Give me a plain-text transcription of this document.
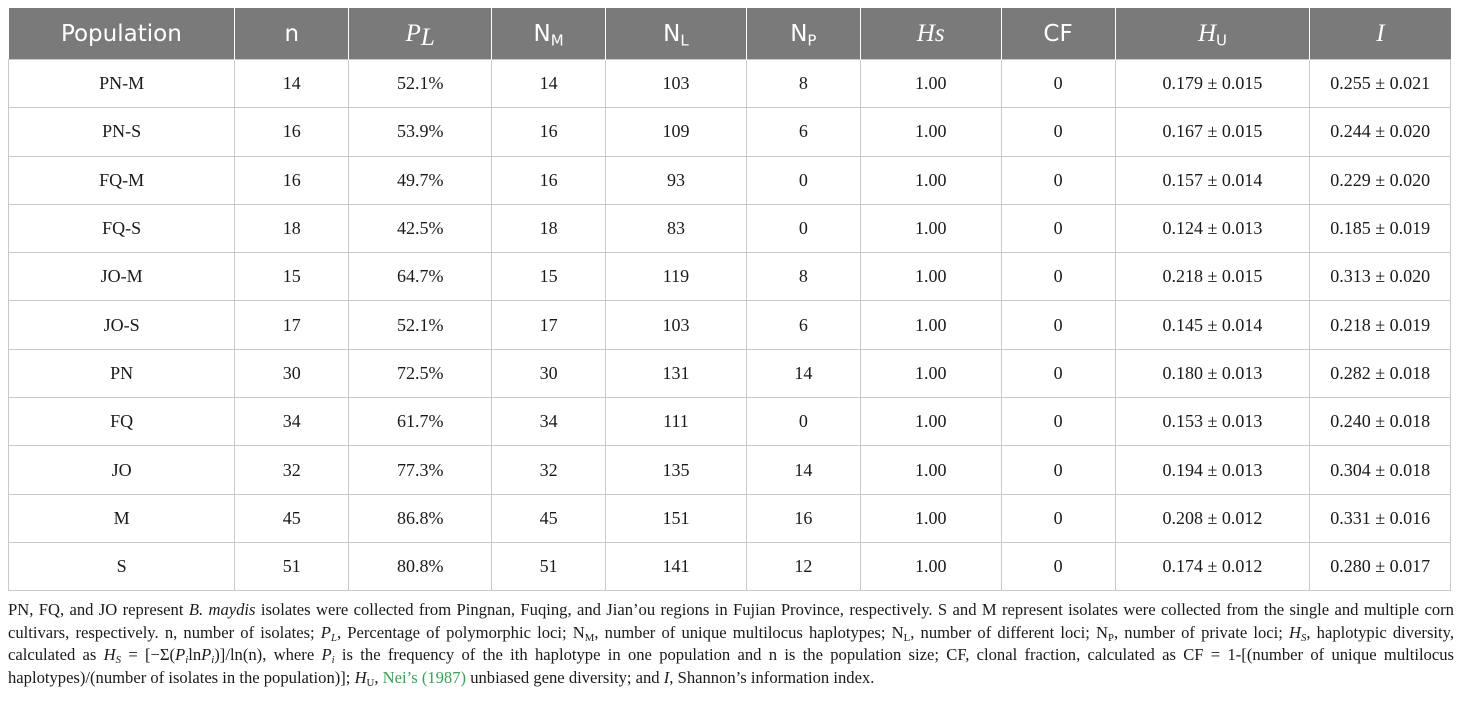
Population	n	$P_L$	$N_M$	$N_L$	$N_P$	Hs	CF	$H_U$	I
PN-M	14	52.1%	14	103	8	1.00	0	0.179 ± 0.015	0.255 ± 0.021
PN-S	16	53.9%	16	109	6	1.00	0	0.167 ± 0.015	0.244 ± 0.020
FQ-M	16	49.7%	16	93	0	1.00	0	0.157 ± 0.014	0.229 ± 0.020
FQ-S	18	42.5%	18	83	0	1.00	0	0.124 ± 0.013	0.185 ± 0.019
JO-M	15	64.7%	15	119	8	1.00	0	0.218 ± 0.015	0.313 ± 0.020
JO-S	17	52.1%	17	103	6	1.00	0	0.145 ± 0.014	0.218 ± 0.019
PN	30	72.5%	30	131	14	1.00	0	0.180 ± 0.013	0.282 ± 0.018
FQ	34	61.7%	34	111	0	1.00	0	0.153 ± 0.013	0.240 ± 0.018
JO	32	77.3%	32	135	14	1.00	0	0.194 ± 0.013	0.304 ± 0.018
M	45	86.8%	45	151	16	1.00	0	0.208 ± 0.012	0.331 ± 0.016
S	51	80.8%	51	141	12	1.00	0	0.174 ± 0.012	0.280 ± 0.017

PN, FQ, and JO represent B. maydis isolates were collected from Pingnan, Fuqing, and Jian’ou regions in Fujian Province, respectively. S and M represent isolates were collected from the single and multiple corn cultivars, respectively. n, number of isolates; $P_L$, Percentage of polymorphic loci; $N_M$, number of unique multilocus haplotypes; $N_L$, number of different loci; $N_P$, number of private loci; $H_S$, haplotypic diversity, calculated as $H_S = [-\Sigma(P_i\ln P_i)]/\ln(n)$, where $P_i$ is the frequency of the ith haplotype in one population and n is the population size; CF, clonal fraction, calculated as CF = 1-[(number of unique multilocus haplotypes)/(number of isolates in the population)]; $H_U$, Nei’s (1987) unbiased gene diversity; and I, Shannon’s information index.
